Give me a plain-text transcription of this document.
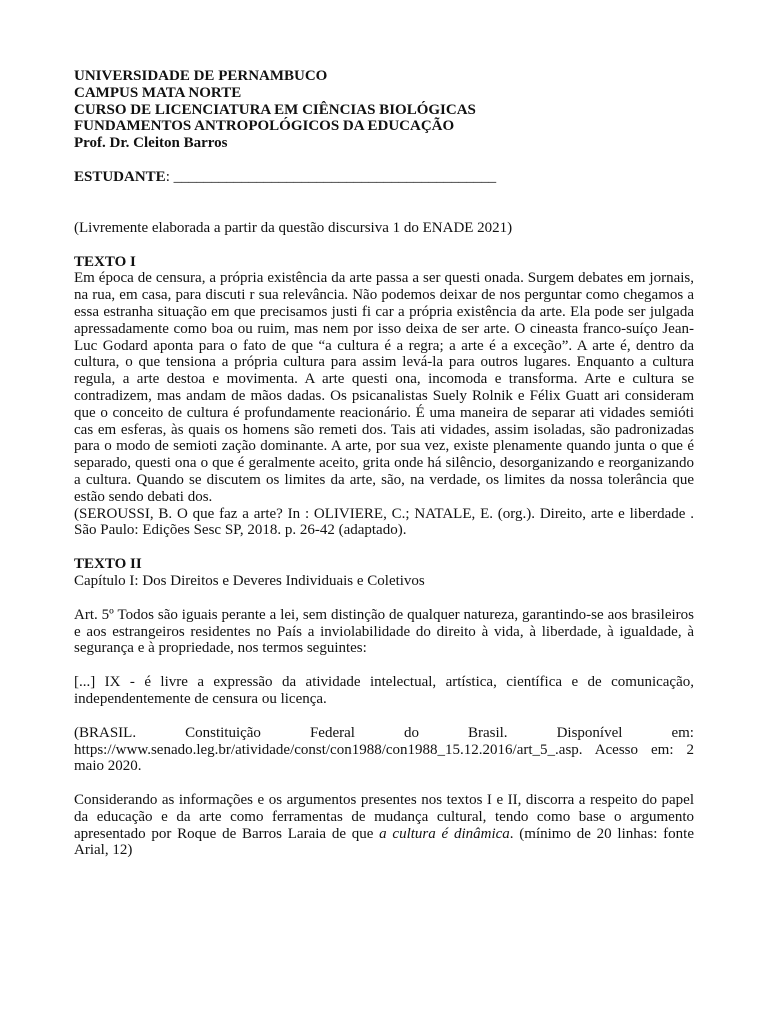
UNIVERSIDADE DE PERNAMBUCO

CAMPUS MATA NORTE

CURSO DE LICENCIATURA EM CIÊNCIAS BIOLÓGICAS

FUNDAMENTOS ANTROPOLÓGICOS DA EDUCAÇÃO

Prof. Dr. Cleiton Barros

ESTUDANTE: ___________________________________________

(Livremente elaborada a partir da questão discursiva 1 do ENADE 2021)

TEXTO I

Em época de censura, a própria existência da arte passa a ser questi onada. Surgem debates em jornais, na rua, em casa, para discuti r sua relevância. Não podemos deixar de nos perguntar como chegamos a essa estranha situação em que precisamos justi fi car a própria existência da arte. Ela pode ser julgada apressadamente como boa ou ruim, mas nem por isso deixa de ser arte. O cineasta franco-suíço Jean-Luc Godard aponta para o fato de que “a cultura é a regra; a arte é a exceção”. A arte é, dentro da cultura, o que tensiona a própria cultura para assim levá-la para outros lugares. Enquanto a cultura regula, a arte destoa e movimenta. A arte questi ona, incomoda e transforma. Arte e cultura se contradizem, mas andam de mãos dadas. Os psicanalistas Suely Rolnik e Félix Guatt ari consideram que o conceito de cultura é profundamente reacionário. É uma maneira de separar ati vidades semióti cas em esferas, às quais os homens são remeti dos. Tais ati vidades, assim isoladas, são padronizadas para o modo de semioti zação dominante. A arte, por sua vez, existe plenamente quando junta o que é separado, questi ona o que é geralmente aceito, grita onde há silêncio, desorganizando e reorganizando a cultura. Quando se discutem os limites da arte, são, na verdade, os limites da nossa tolerância que estão sendo debati dos.

(SEROUSSI, B. O que faz a arte? In : OLIVIERE, C.; NATALE, E. (org.). Direito, arte e liberdade . São Paulo: Edições Sesc SP, 2018. p. 26-42 (adaptado).

TEXTO II

Capítulo I: Dos Direitos e Deveres Individuais e Coletivos

Art. 5º Todos são iguais perante a lei, sem distinção de qualquer natureza, garantindo-se aos brasileiros e aos estrangeiros residentes no País a inviolabilidade do direito à vida, à liberdade, à igualdade, à segurança e à propriedade, nos termos seguintes:

[...] IX - é livre a expressão da atividade intelectual, artística, científica e de comunicação, independentemente de censura ou licença.

(BRASIL.	Constituição	Federal	do	Brasil.	Disponível	em:

https://www.senado.leg.br/atividade/const/con1988/con1988_15.12.2016/art_5_.asp. Acesso em: 2 maio 2020.

Considerando as informações e os argumentos presentes nos textos I e II, discorra a respeito do papel da educação e da arte como ferramentas de mudança cultural, tendo como base o argumento apresentado por Roque de Barros Laraia de que a cultura é dinâmica. (mínimo de 20 linhas: fonte Arial, 12)
